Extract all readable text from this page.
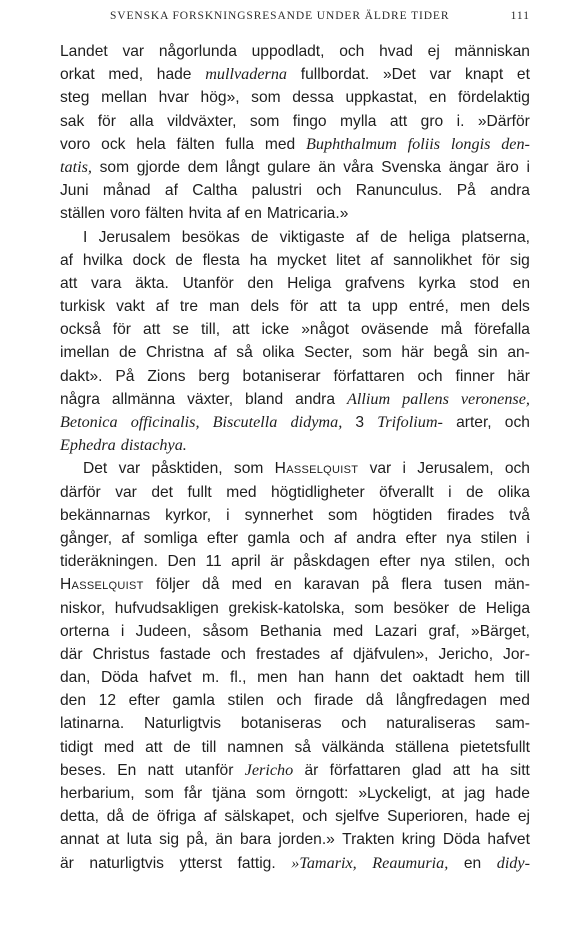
SVENSKA FORSKNINGSRESANDE UNDER ÄLDRE TIDER	111
Landet var någorlunda uppodladt, och hvad ej människan
orkat med, hade mullvaderna fullbordat. »Det var knapt et
steg mellan hvar hög», som dessa uppkastat, en fördelaktig
sak för alla vildväxter, som fingo mylla att gro i. »Därför
voro ock hela fälten fulla med Buphthalmum foliis longis den-
tatis, som gjorde dem långt gulare än våra Svenska ängar äro i
Juni månad af Caltha palustri och Ranunculus. På andra
ställen voro fälten hvita af en Matricaria.»
I Jerusalem besökas de viktigaste af de heliga platserna,
af hvilka dock de flesta ha mycket litet af sannolikhet för sig
att vara äkta. Utanför den Heliga grafvens kyrka stod en
turkisk vakt af tre man dels för att ta upp entré, men dels
också för att se till, att icke »något oväsende må förefalla
imellan de Christna af så olika Secter, som här begå sin an-
dakt». På Zions berg botaniserar författaren och finner här
några allmänna växter, bland andra Allium pallens veronense,
Betonica officinalis, Biscutella didyma, 3 Trifolium- arter, och
Ephedra distachya.
Det var påsktiden, som Hasselquist var i Jerusalem, och
därför var det fullt med högtidligheter öfverallt i de olika
bekännarnas kyrkor, i synnerhet som högtiden firades två
gånger, af somliga efter gamla och af andra efter nya stilen i
tideräkningen. Den 11 april är påskdagen efter nya stilen, och
Hasselquist följer då med en karavan på flera tusen män-
niskor, hufvudsakligen grekisk-katolska, som besöker de Heliga
orterna i Judeen, såsom Bethania med Lazari graf, »Bärget,
där Christus fastade och frestades af djäfvulen», Jericho, Jor-
dan, Döda hafvet m. fl., men han hann det oaktadt hem till
den 12 efter gamla stilen och firade då långfredagen med
latinarna. Naturligtvis botaniseras och naturaliseras sam-
tidigt med att de till namnen så välkända ställena pietetsfullt
beses. En natt utanför Jericho är författaren glad att ha sitt
herbarium, som får tjäna som örngott: »Lyckeligt, at jag hade
detta, då de öfriga af sälskapet, och sjelfve Superioren, hade ej
annat at luta sig på, än bara jorden.» Trakten kring Döda hafvet
är naturligtvis ytterst fattig. »Tamarix, Reaumuria, en didy-
